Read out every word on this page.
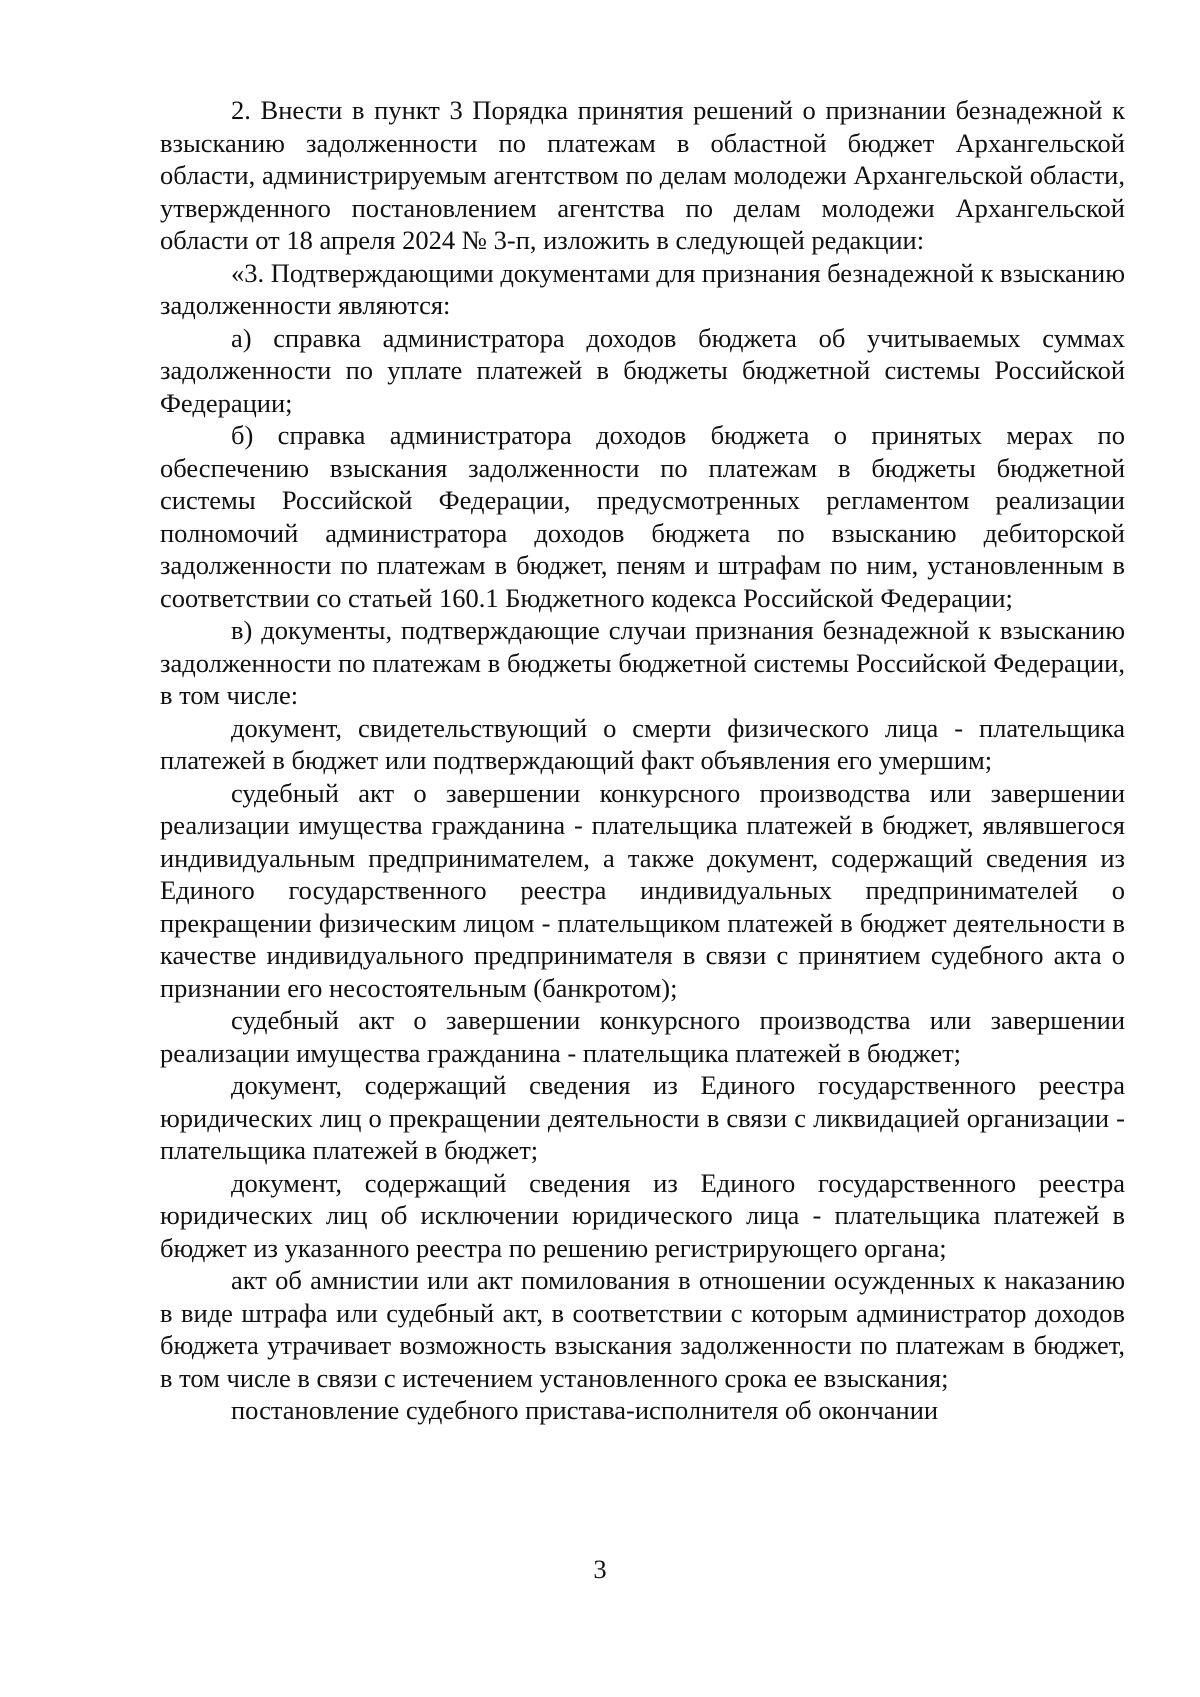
2. Внести в пункт 3 Порядка принятия решений о признании безнадежной к взысканию задолженности по платежам в областной бюджет Архангельской области, администрируемым агентством по делам молодежи Архангельской области, утвержденного постановлением агентства по делам молодежи Архангельской области от 18 апреля 2024 № 3-п, изложить в следующей редакции:

«3. Подтверждающими документами для признания безнадежной к взысканию задолженности являются:

а) справка администратора доходов бюджета об учитываемых суммах задолженности по уплате платежей в бюджеты бюджетной системы Российской Федерации;

б) справка администратора доходов бюджета о принятых мерах по обеспечению взыскания задолженности по платежам в бюджеты бюджетной системы Российской Федерации, предусмотренных регламентом реализации полномочий администратора доходов бюджета по взысканию дебиторской задолженности по платежам в бюджет, пеням и штрафам по ним, установленным в соответствии со статьей 160.1 Бюджетного кодекса Российской Федерации;

в) документы, подтверждающие случаи признания безнадежной к взысканию задолженности по платежам в бюджеты бюджетной системы Российской Федерации, в том числе:

документ, свидетельствующий о смерти физического лица - плательщика платежей в бюджет или подтверждающий факт объявления его умершим;

судебный акт о завершении конкурсного производства или завершении реализации имущества гражданина - плательщика платежей в бюджет, являвшегося индивидуальным предпринимателем, а также документ, содержащий сведения из Единого государственного реестра индивидуальных предпринимателей о прекращении физическим лицом - плательщиком платежей в бюджет деятельности в качестве индивидуального предпринимателя в связи с принятием судебного акта о признании его несостоятельным (банкротом);

судебный акт о завершении конкурсного производства или завершении реализации имущества гражданина - плательщика платежей в бюджет;

документ, содержащий сведения из Единого государственного реестра юридических лиц о прекращении деятельности в связи с ликвидацией организации - плательщика платежей в бюджет;

документ, содержащий сведения из Единого государственного реестра юридических лиц об исключении юридического лица - плательщика платежей в бюджет из указанного реестра по решению регистрирующего органа;

акт об амнистии или акт помилования в отношении осужденных к наказанию в виде штрафа или судебный акт, в соответствии с которым администратор доходов бюджета утрачивает возможность взыскания задолженности по платежам в бюджет, в том числе в связи с истечением установленного срока ее взыскания;

постановление судебного пристава-исполнителя об окончании

3
